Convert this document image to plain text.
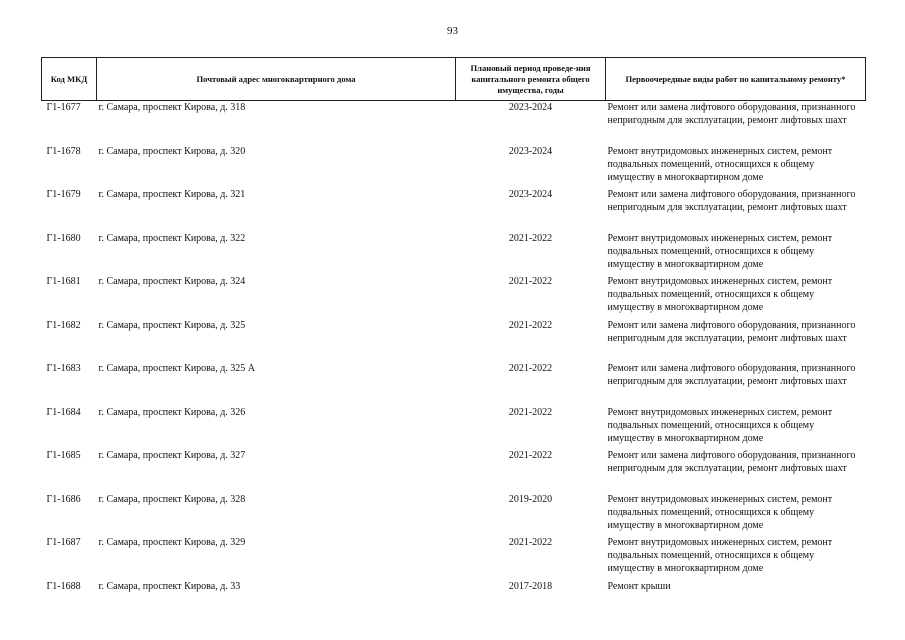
93
Код МКД	Почтовый адрес многоквартирного дома	Плановый период проведе-ния капитального ремонта общего имущества, годы	Первоочередные виды работ по капитальному ремонту*
Г1-1677	г. Самара, проспект Кирова, д. 318	2023-2024	Ремонт или замена лифтового оборудования, признанного непригодным для эксплуатации, ремонт лифтовых шахт
Г1-1678	г. Самара, проспект Кирова, д. 320	2023-2024	Ремонт внутридомовых инженерных систем, ремонт подвальных помещений, относящихся к общему имуществу в многоквартирном доме
Г1-1679	г. Самара, проспект Кирова, д. 321	2023-2024	Ремонт или замена лифтового оборудования, признанного непригодным для эксплуатации, ремонт лифтовых шахт
Г1-1680	г. Самара, проспект Кирова, д. 322	2021-2022	Ремонт внутридомовых инженерных систем, ремонт подвальных помещений, относящихся к общему имуществу в многоквартирном доме
Г1-1681	г. Самара, проспект Кирова, д. 324	2021-2022	Ремонт внутридомовых инженерных систем, ремонт подвальных помещений, относящихся к общему имуществу в многоквартирном доме
Г1-1682	г. Самара, проспект Кирова, д. 325	2021-2022	Ремонт или замена лифтового оборудования, признанного непригодным для эксплуатации, ремонт лифтовых шахт
Г1-1683	г. Самара, проспект Кирова, д. 325 А	2021-2022	Ремонт или замена лифтового оборудования, признанного непригодным для эксплуатации, ремонт лифтовых шахт
Г1-1684	г. Самара, проспект Кирова, д. 326	2021-2022	Ремонт внутридомовых инженерных систем, ремонт подвальных помещений, относящихся к общему имуществу в многоквартирном доме
Г1-1685	г. Самара, проспект Кирова, д. 327	2021-2022	Ремонт или замена лифтового оборудования, признанного непригодным для эксплуатации, ремонт лифтовых шахт
Г1-1686	г. Самара, проспект Кирова, д. 328	2019-2020	Ремонт внутридомовых инженерных систем, ремонт подвальных помещений, относящихся к общему имуществу в многоквартирном доме
Г1-1687	г. Самара, проспект Кирова, д. 329	2021-2022	Ремонт внутридомовых инженерных систем, ремонт подвальных помещений, относящихся к общему имуществу в многоквартирном доме
Г1-1688	г. Самара, проспект Кирова, д. 33	2017-2018	Ремонт крыши
